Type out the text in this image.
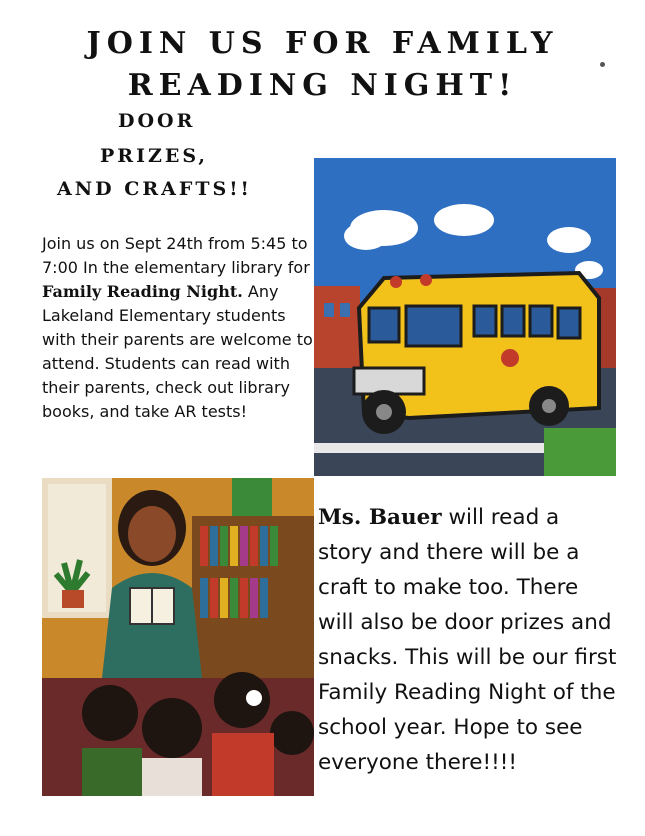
JOIN US FOR FAMILY
READING NIGHT!
DOOR
PRIZES,
AND CRAFTS!!
Join us on Sept 24th from 5:45 to 7:00 In the elementary library for Family Reading Night. Any Lakeland Elementary students with their parents are welcome to attend. Students can read with their parents, check out library books, and take AR tests!
Ms. Bauer will read a story and there will be a craft to make too. There will also be door prizes and snacks. This will be our first Family Reading Night of the school year. Hope to see everyone there!!!!
